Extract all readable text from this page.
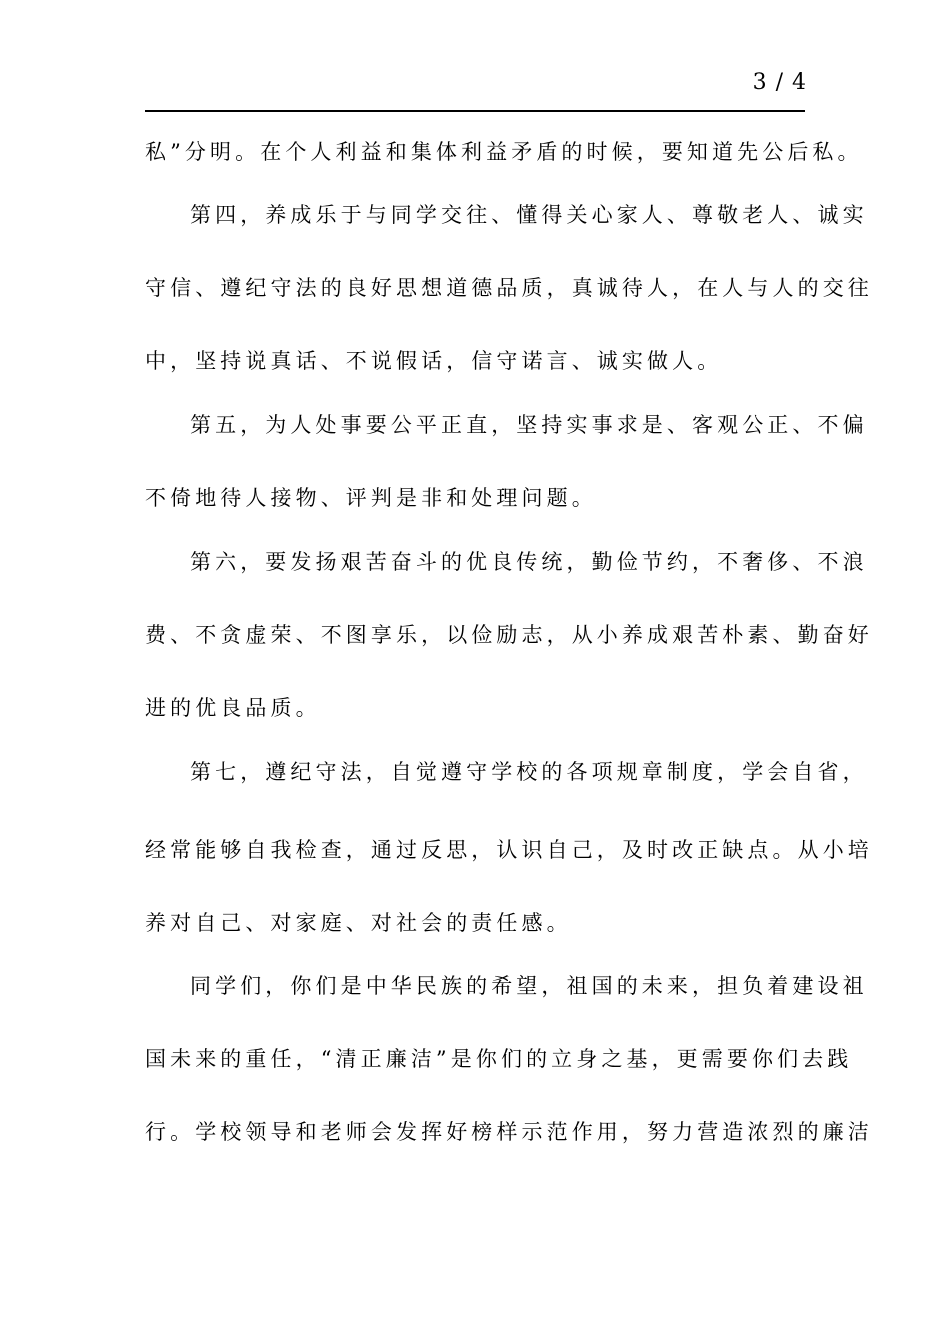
3 / 4
私”分明。在个人利益和集体利益矛盾的时候，要知道先公后私。
第四，养成乐于与同学交往、懂得关心家人、尊敬老人、诚实
守信、遵纪守法的良好思想道德品质，真诚待人，在人与人的交往
中，坚持说真话、不说假话，信守诺言、诚实做人。
第五，为人处事要公平正直，坚持实事求是、客观公正、不偏
不倚地待人接物、评判是非和处理问题。
第六，要发扬艰苦奋斗的优良传统，勤俭节约，不奢侈、不浪
费、不贪虚荣、不图享乐，以俭励志，从小养成艰苦朴素、勤奋好
进的优良品质。
第七，遵纪守法，自觉遵守学校的各项规章制度，学会自省，
经常能够自我检查，通过反思，认识自己，及时改正缺点。从小培
养对自己、对家庭、对社会的责任感。
同学们，你们是中华民族的希望，祖国的未来，担负着建设祖
国未来的重任，“清正廉洁”是你们的立身之基，更需要你们去践
行。学校领导和老师会发挥好榜样示范作用，努力营造浓烈的廉洁
